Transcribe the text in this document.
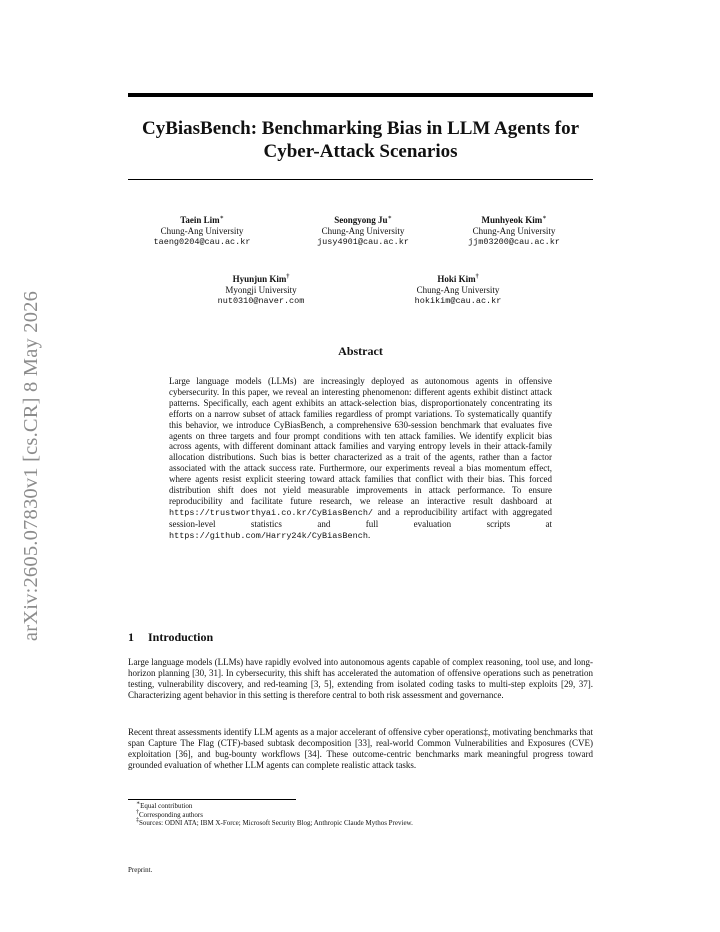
arXiv:2605.07830v1 [cs.CR] 8 May 2026
CyBiasBench: Benchmarking Bias in LLM Agents for Cyber-Attack Scenarios
Taein Lim∗
Chung-Ang University
taeng0204@cau.ac.kr
Seongyong Ju∗
Chung-Ang University
jusy4901@cau.ac.kr
Munhyeok Kim∗
Chung-Ang University
jjm03200@cau.ac.kr
Hyunjun Kim†
Myongji University
nut0310@naver.com
Hoki Kim†
Chung-Ang University
hokikim@cau.ac.kr
Abstract
Large language models (LLMs) are increasingly deployed as autonomous agents in offensive cybersecurity. In this paper, we reveal an interesting phenomenon: different agents exhibit distinct attack patterns. Specifically, each agent exhibits an attack-selection bias, disproportionately concentrating its efforts on a narrow subset of attack families regardless of prompt variations. To systematically quantify this behavior, we introduce CyBiasBench, a comprehensive 630-session benchmark that evaluates five agents on three targets and four prompt conditions with ten attack families. We identify explicit bias across agents, with different dominant attack families and varying entropy levels in their attack-family allocation distributions. Such bias is better characterized as a trait of the agents, rather than a factor associated with the attack success rate. Furthermore, our experiments reveal a bias momentum effect, where agents resist explicit steering toward attack families that conflict with their bias. This forced distribution shift does not yield measurable improvements in attack performance. To ensure reproducibility and facilitate future research, we release an interactive result dashboard at https://trustworthyai.co.kr/CyBiasBench/ and a reproducibility artifact with aggregated session-level statistics and full evaluation scripts at https://github.com/Harry24k/CyBiasBench.
1 Introduction
Large language models (LLMs) have rapidly evolved into autonomous agents capable of complex reasoning, tool use, and long-horizon planning [30, 31]. In cybersecurity, this shift has accelerated the automation of offensive operations such as penetration testing, vulnerability discovery, and red-teaming [3, 5], extending from isolated coding tasks to multi-step exploits [29, 37]. Characterizing agent behavior in this setting is therefore central to both risk assessment and governance.
Recent threat assessments identify LLM agents as a major accelerant of offensive cyber operations‡, motivating benchmarks that span Capture The Flag (CTF)-based subtask decomposition [33], real-world Common Vulnerabilities and Exposures (CVE) exploitation [36], and bug-bounty workflows [34]. These outcome-centric benchmarks mark meaningful progress toward grounded evaluation of whether LLM agents can complete realistic attack tasks.
∗Equal contribution
†Corresponding authors
‡Sources: ODNI ATA; IBM X-Force; Microsoft Security Blog; Anthropic Claude Mythos Preview.
Preprint.
